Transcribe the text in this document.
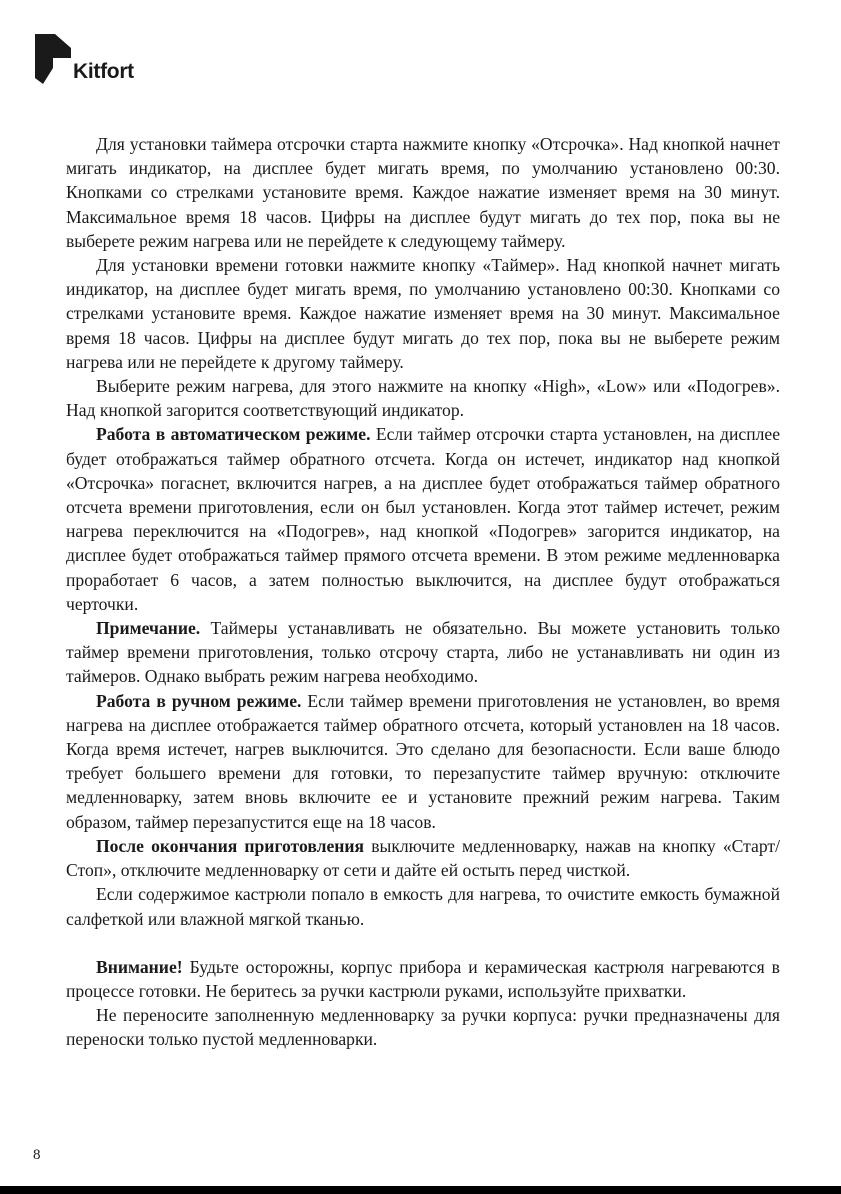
Kitfort

Для установки таймера отсрочки старта нажмите кнопку «Отсрочка». Над кнопкой начнет мигать индикатор, на дисплее будет мигать время, по умолчанию установлено 00:30. Кнопками со стрелками установите время. Каждое нажатие изменяет время на 30 минут. Максимальное время 18 часов. Цифры на дисплее будут мигать до тех пор, пока вы не выберете режим нагрева или не перейдете к следующему таймеру.

Для установки времени готовки нажмите кнопку «Таймер». Над кнопкой начнет мигать индикатор, на дисплее будет мигать время, по умолчанию установлено 00:30. Кнопками со стрелками установите время. Каждое нажатие изменяет время на 30 минут. Максимальное время 18 часов. Цифры на дисплее будут мигать до тех пор, пока вы не выберете режим нагрева или не перейдете к другому таймеру.

Выберите режим нагрева, для этого нажмите на кнопку «High», «Low» или «Подогрев». Над кнопкой загорится соответствующий индикатор.

Работа в автоматическом режиме. Если таймер отсрочки старта установлен, на дисплее будет отображаться таймер обратного отсчета. Когда он истечет, индикатор над кнопкой «Отсрочка» погаснет, включится нагрев, а на дисплее будет отображаться таймер обратного отсчета времени приготовления, если он был установлен. Когда этот таймер истечет, режим нагрева переключится на «Подогрев», над кнопкой «Подогрев» загорится индикатор, на дисплее будет отображаться таймер прямого отсчета времени. В этом режиме медленноварка проработает 6 часов, а затем полностью выключится, на дисплее будут отображаться черточки.

Примечание. Таймеры устанавливать не обязательно. Вы можете установить только таймер времени приготовления, только отсрочу старта, либо не устанавливать ни один из таймеров. Однако выбрать режим нагрева необходимо.

Работа в ручном режиме. Если таймер времени приготовления не установлен, во время нагрева на дисплее отображается таймер обратного отсчета, который установлен на 18 часов. Когда время истечет, нагрев выключится. Это сделано для безопасности. Если ваше блюдо требует большего времени для готовки, то перезапустите таймер вручную: отключите медленноварку, затем вновь включите ее и установите прежний режим нагрева. Таким образом, таймер перезапустится еще на 18 часов.

После окончания приготовления выключите медленноварку, нажав на кнопку «Старт/Стоп», отключите медленноварку от сети и дайте ей остыть перед чисткой.

Если содержимое кастрюли попало в емкость для нагрева, то очистите емкость бумажной салфеткой или влажной мягкой тканью.

Внимание! Будьте осторожны, корпус прибора и керамическая кастрюля нагреваются в процессе готовки. Не беритесь за ручки кастрюли руками, используйте прихватки.

Не переносите заполненную медленноварку за ручки корпуса: ручки предназначены для переноски только пустой медленноварки.

8
